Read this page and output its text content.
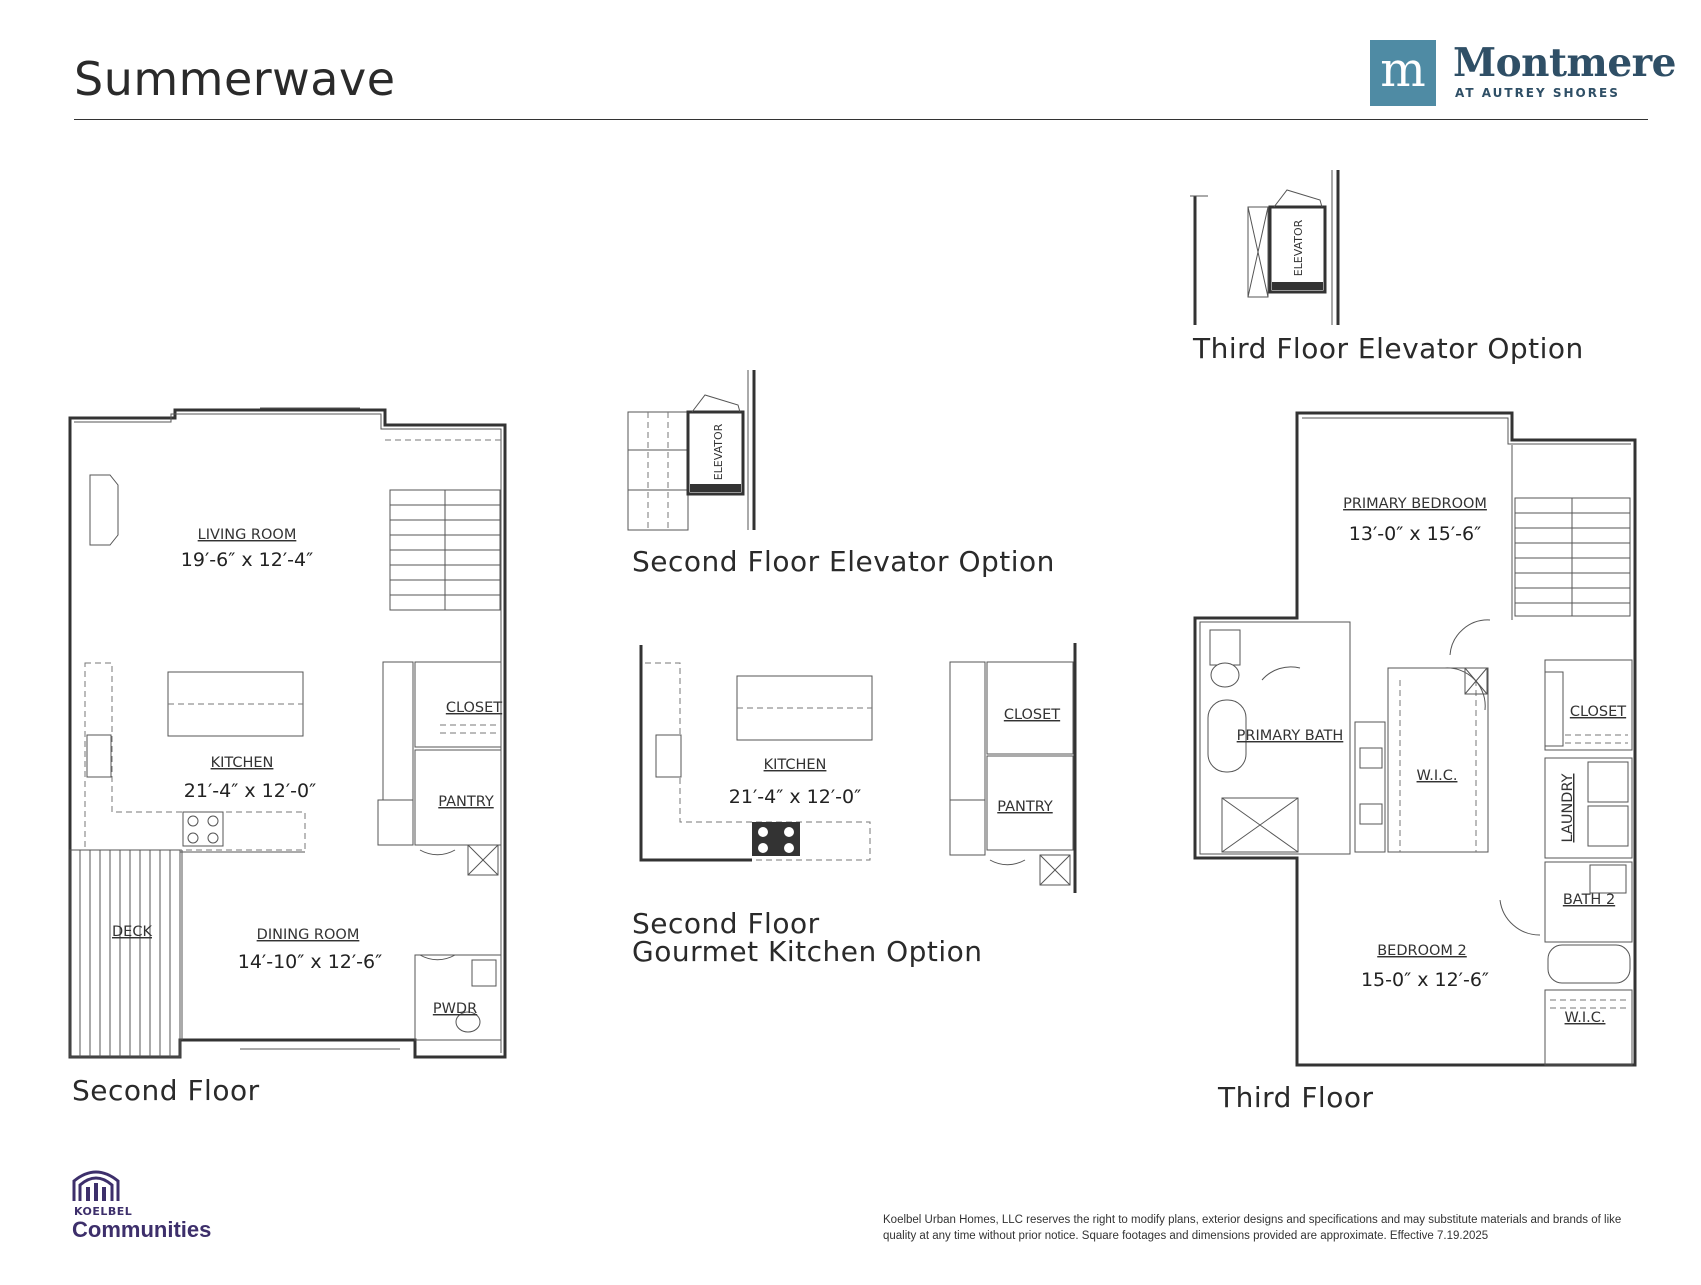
Summerwave	m Montmere
AT AUTREY SHORES
LIVING ROOM
19′-6″ x 12′-4″
KITCHEN
21′-4″ x 12′-0″
DINING ROOM
14′-10″ x 12′-6″
CLOSET
PANTRY
PWDR
DECK
Second Floor
ELEVATOR
Second Floor Elevator Option
KITCHEN
21′-4″ x 12′-0″
CLOSET
PANTRY
Second Floor
Gourmet Kitchen Option
ELEVATOR
Third Floor Elevator Option
PRIMARY BEDROOM
13′-0″ x 15′-6″
PRIMARY BATH
W.I.C.
CLOSET
LAUNDRY
BATH 2
BEDROOM 2
15-0″ x 12′-6″
W.I.C.
Third Floor
KOELBEL
Communities	Koelbel Urban Homes, LLC reserves the right to modify plans, exterior designs and specifications and may substitute materials and brands of like quality at any time without prior notice. Square footages and dimensions provided are approximate. Effective 7.19.2025
